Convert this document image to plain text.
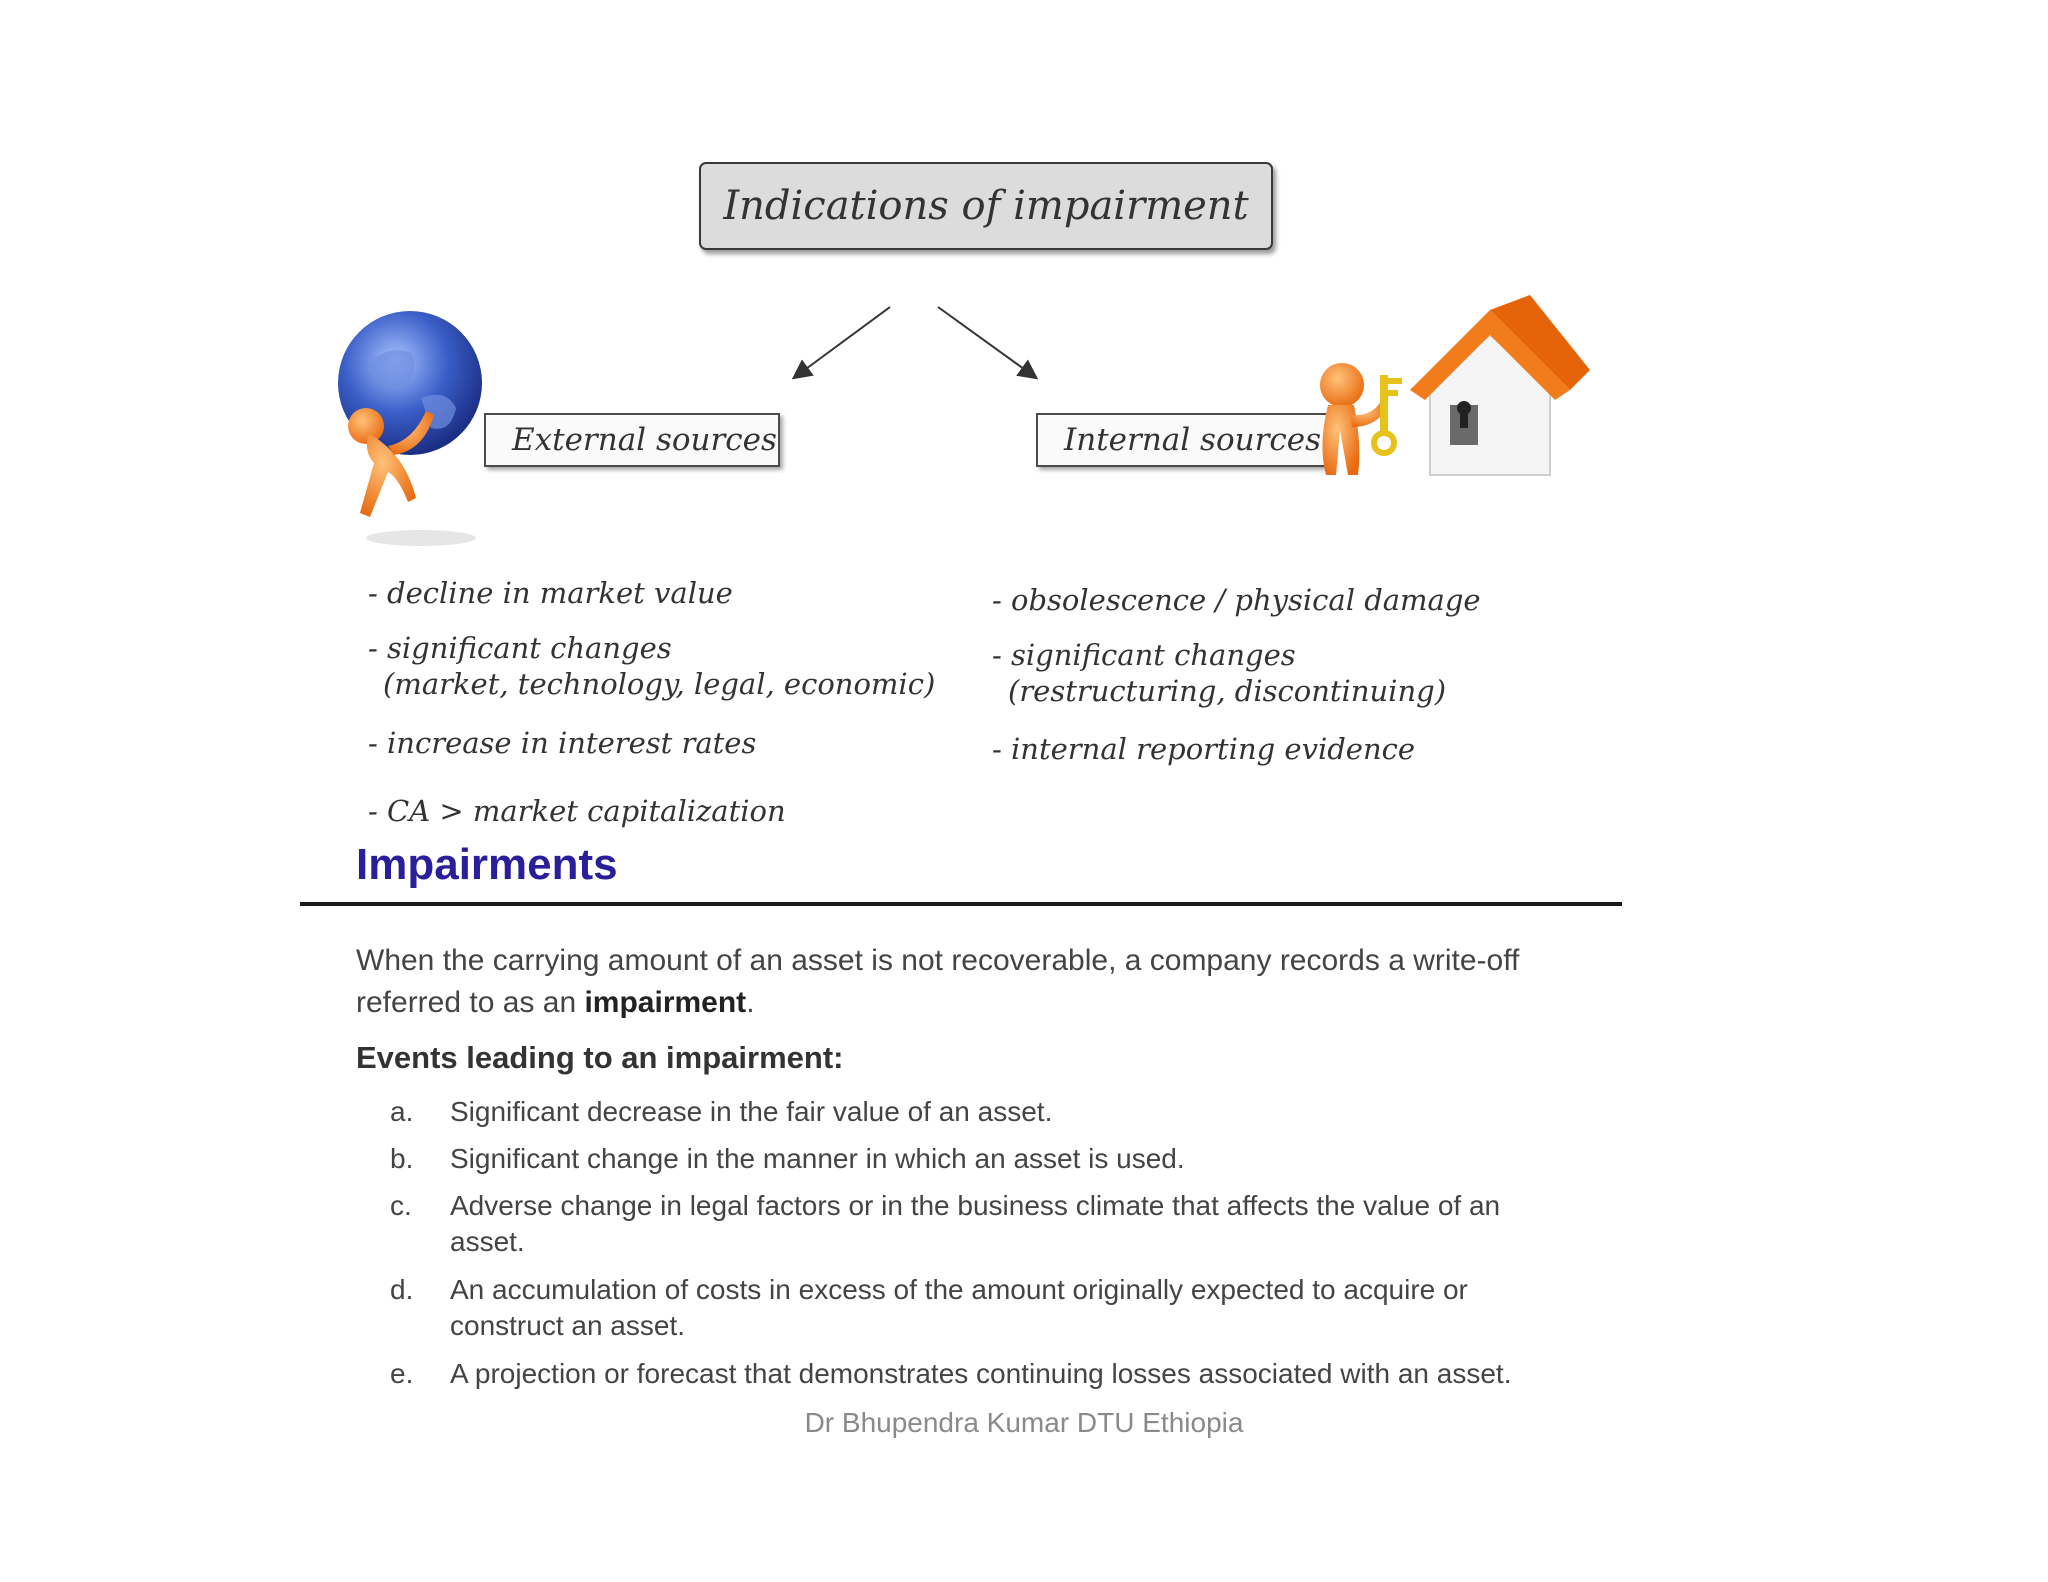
Indications of impairment
External sources	Internal sources
- decline in market value
- significant changes
(market, technology, legal, economic)
- increase in interest rates
- CA > market capitalization
- obsolescence / physical damage
- significant changes
(restructuring, discontinuing)
- internal reporting evidence
Impairments
When the carrying amount of an asset is not recoverable, a company records a write-off referred to as an impairment.
Events leading to an impairment:
a.	Significant decrease in the fair value of an asset.
b.	Significant change in the manner in which an asset is used.
c.	Adverse change in legal factors or in the business climate that affects the value of an asset.
d.	An accumulation of costs in excess of the amount originally expected to acquire or construct an asset.
e.	A projection or forecast that demonstrates continuing losses associated with an asset.
Dr Bhupendra Kumar DTU Ethiopia
